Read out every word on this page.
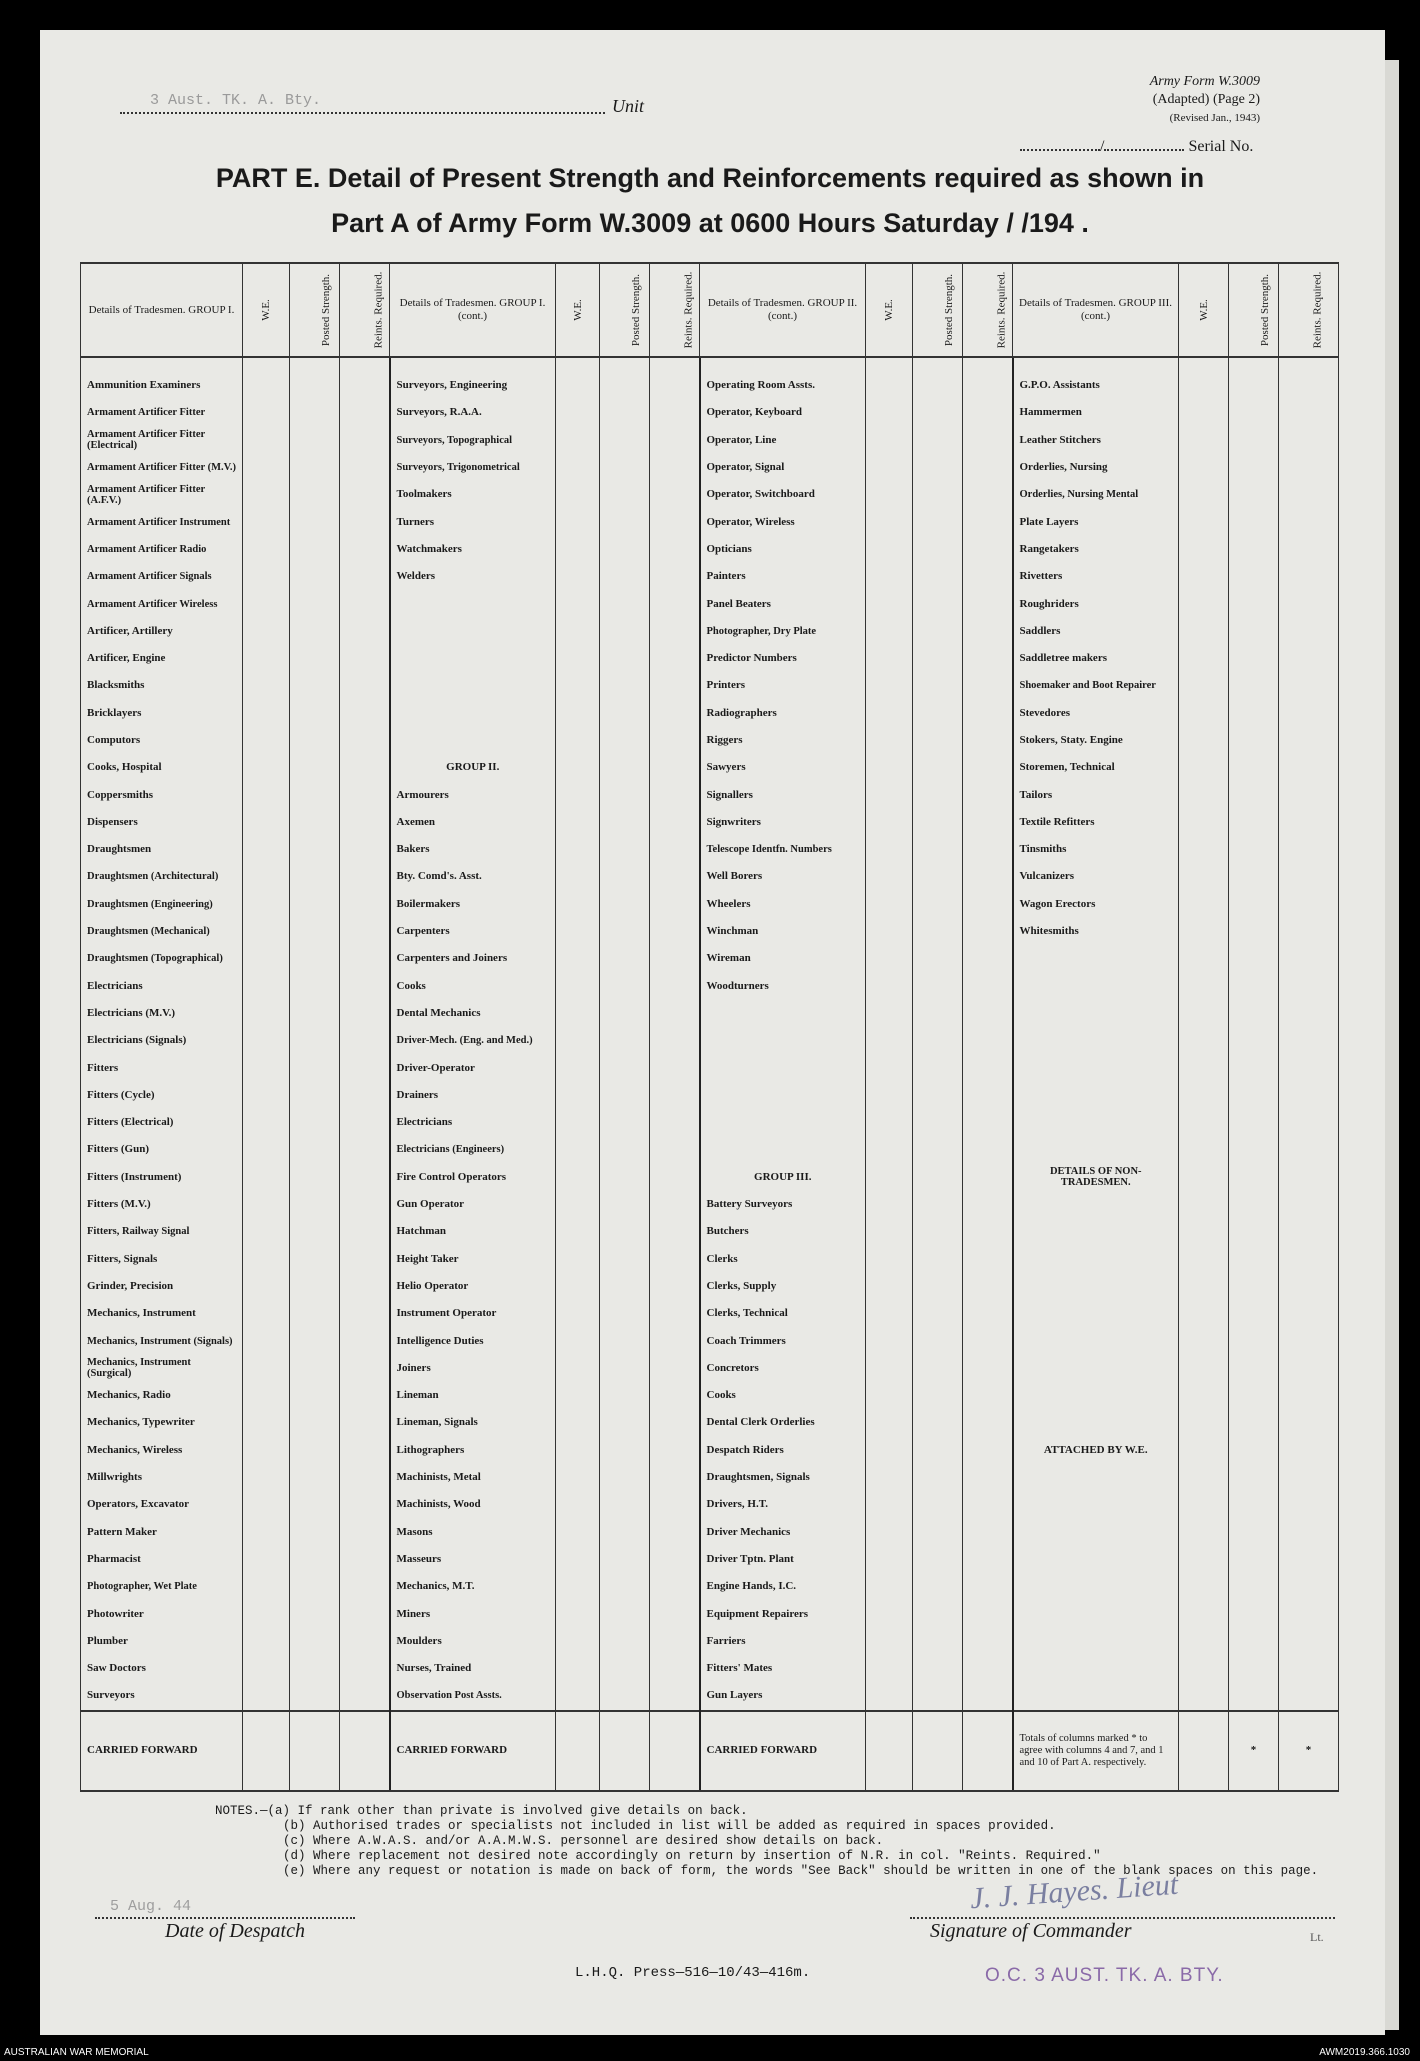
3 Aust. TK. A. Bty.	Unit
Army Form W.3009
(Adapted) (Page 2)
(Revised Jan., 1943)
/	Serial No.
PART E. Detail of Present Strength and Reinforcements required as shown in
Part A of Army Form W.3009 at 0600 Hours Saturday / /194 .
Details of Tradesmen. GROUP I.	W.E.	Posted Strength.	Reints. Required.	Details of Tradesmen. GROUP I. (cont.)	W.E.	Posted Strength.	Reints. Required.	Details of Tradesmen. GROUP II. (cont.)	W.E.	Posted Strength.	Reints. Required.	Details of Tradesmen. GROUP III. (cont.)	W.E.	Posted Strength.	Reints. Required.

Ammunition Examiners				Surveyors, Engineering				Operating Room Assts.				G.P.O. Assistants			
Armament Artificer Fitter				Surveyors, R.A.A.				Operator, Keyboard				Hammermen			
Armament Artificer Fitter (Electrical)				Surveyors, Topographical				Operator, Line				Leather Stitchers			
Armament Artificer Fitter (M.V.)				Surveyors, Trigonometrical				Operator, Signal				Orderlies, Nursing			
Armament Artificer Fitter (A.F.V.)				Toolmakers				Operator, Switchboard				Orderlies, Nursing Mental			
Armament Artificer Instrument				Turners				Operator, Wireless				Plate Layers			
Armament Artificer Radio				Watchmakers				Opticians				Rangetakers			
Armament Artificer Signals				Welders				Painters				Rivetters			
Armament Artificer Wireless								Panel Beaters				Roughriders			
Artificer, Artillery								Photographer, Dry Plate				Saddlers			
Artificer, Engine								Predictor Numbers				Saddletree makers			
Blacksmiths								Printers				Shoemaker and Boot Repairer			
Bricklayers								Radiographers				Stevedores			
Computors								Riggers				Stokers, Staty. Engine			
Cooks, Hospital				GROUP II.				Sawyers				Storemen, Technical			
Coppersmiths				Armourers				Signallers				Tailors			
Dispensers				Axemen				Signwriters				Textile Refitters			
Draughtsmen				Bakers				Telescope Identfn. Numbers				Tinsmiths			
Draughtsmen (Architectural)				Bty. Comd's. Asst.				Well Borers				Vulcanizers			
Draughtsmen (Engineering)				Boilermakers				Wheelers				Wagon Erectors			
Draughtsmen (Mechanical)				Carpenters				Winchman				Whitesmiths			
Draughtsmen (Topographical)				Carpenters and Joiners				Wireman							
Electricians				Cooks				Woodturners							
Electricians (M.V.)				Dental Mechanics											
Electricians (Signals)				Driver-Mech. (Eng. and Med.)											
Fitters				Driver-Operator											
Fitters (Cycle)				Drainers											
Fitters (Electrical)				Electricians											
Fitters (Gun)				Electricians (Engineers)											
Fitters (Instrument)				Fire Control Operators				GROUP III.				DETAILS OF NON-TRADESMEN.			
Fitters (M.V.)				Gun Operator				Battery Surveyors							
Fitters, Railway Signal				Hatchman				Butchers							
Fitters, Signals				Height Taker				Clerks							
Grinder, Precision				Helio Operator				Clerks, Supply							
Mechanics, Instrument				Instrument Operator				Clerks, Technical							
Mechanics, Instrument (Signals)				Intelligence Duties				Coach Trimmers							
Mechanics, Instrument (Surgical)				Joiners				Concretors							
Mechanics, Radio				Lineman				Cooks							
Mechanics, Typewriter				Lineman, Signals				Dental Clerk Orderlies							
Mechanics, Wireless				Lithographers				Despatch Riders				ATTACHED BY W.E.			
Millwrights				Machinists, Metal				Draughtsmen, Signals							
Operators, Excavator				Machinists, Wood				Drivers, H.T.							
Pattern Maker				Masons				Driver Mechanics							
Pharmacist				Masseurs				Driver Tptn. Plant							
Photographer, Wet Plate				Mechanics, M.T.				Engine Hands, I.C.							
Photowriter				Miners				Equipment Repairers							
Plumber				Moulders				Farriers							
Saw Doctors				Nurses, Trained				Fitters' Mates							
Surveyors				Observation Post Assts.				Gun Layers							
CARRIED FORWARD				CARRIED FORWARD				CARRIED FORWARD				Totals of columns marked * to agree with columns 4 and 7, and 1 and 10 of Part A. respectively.		*	*
NOTES.—(a) If rank other than private is involved give details on back.
(b) Authorised trades or specialists not included in list will be added as required in spaces provided.
(c) Where A.W.A.S. and/or A.A.M.W.S. personnel are desired show details on back.
(d) Where replacement not desired note accordingly on return by insertion of N.R. in col. "Reints. Required."
(e) Where any request or notation is made on back of form, the words "See Back" should be written in one of the blank spaces on this page.
5 Aug. 44
Date of Despatch
J. J. Hayes. Lieut
Signature of Commander	Lt.
O.C. 3 AUST. TK. A. BTY.
L.H.Q. Press—516—10/43—416m.
AUSTRALIAN WAR MEMORIAL	AWM2019.366.1030
